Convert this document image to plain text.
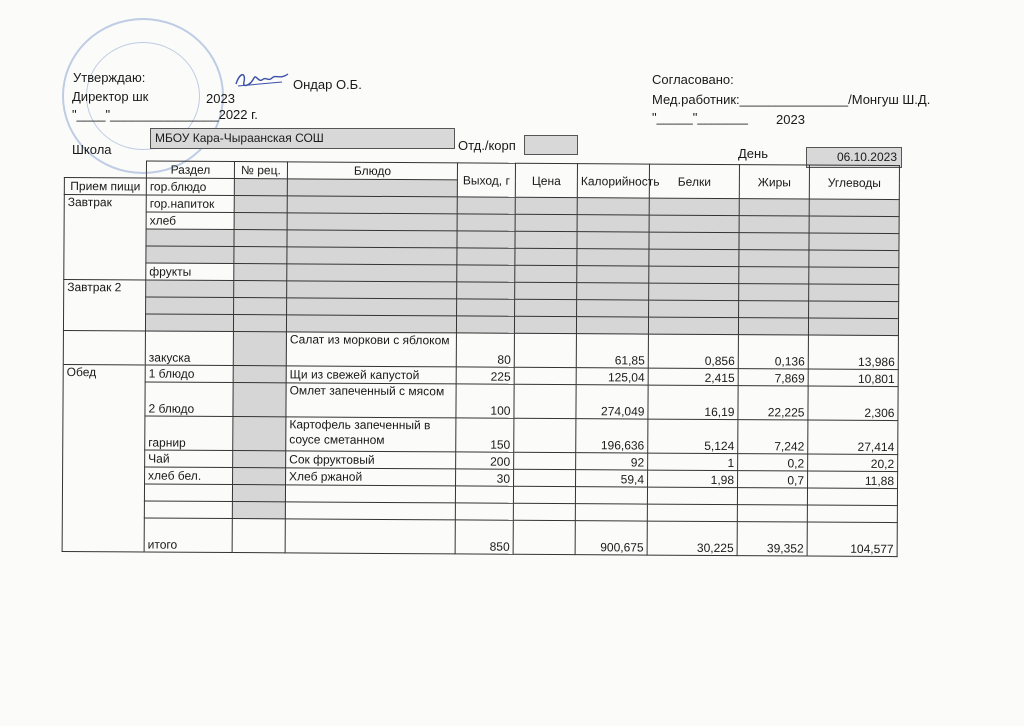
Утверждаю:	Ондар О.Б.
Директор шк	2023
"____"_______________2022 г.
Согласовано:
Мед.работник:_______________/Монгуш Ш.Д.
"_____"_______ 2023
Школа
МБОУ Кара-Чыраанская СОШ	Отд./корп
День	06.10.2023
	Раздел	№ рец.	Блюдо	Выход, г	Цена	Калорийность	Белки	Жиры	Углеводы
Прием пищи	гор.блюдо								
Завтрак	гор.напиток								
	хлеб								

	фрукты								
Завтрак 2									

	закуска		Салат из моркови с яблоком	80		61,85	0,856	0,136	13,986
Обед	1 блюдо		Щи из свежей капустой	225		125,04	2,415	7,869	10,801
	2 блюдо		Омлет запеченный с мясом	100		274,049	16,19	22,225	2,306
	гарнир		Картофель запеченный в соусе сметанном	150		196,636	5,124	7,242	27,414
	Чай		Сок фруктовый	200		92	1	0,2	20,2
	хлеб бел.		Хлеб ржаной	30		59,4	1,98	0,7	11,88

	итого			850		900,675	30,225	39,352	104,577
